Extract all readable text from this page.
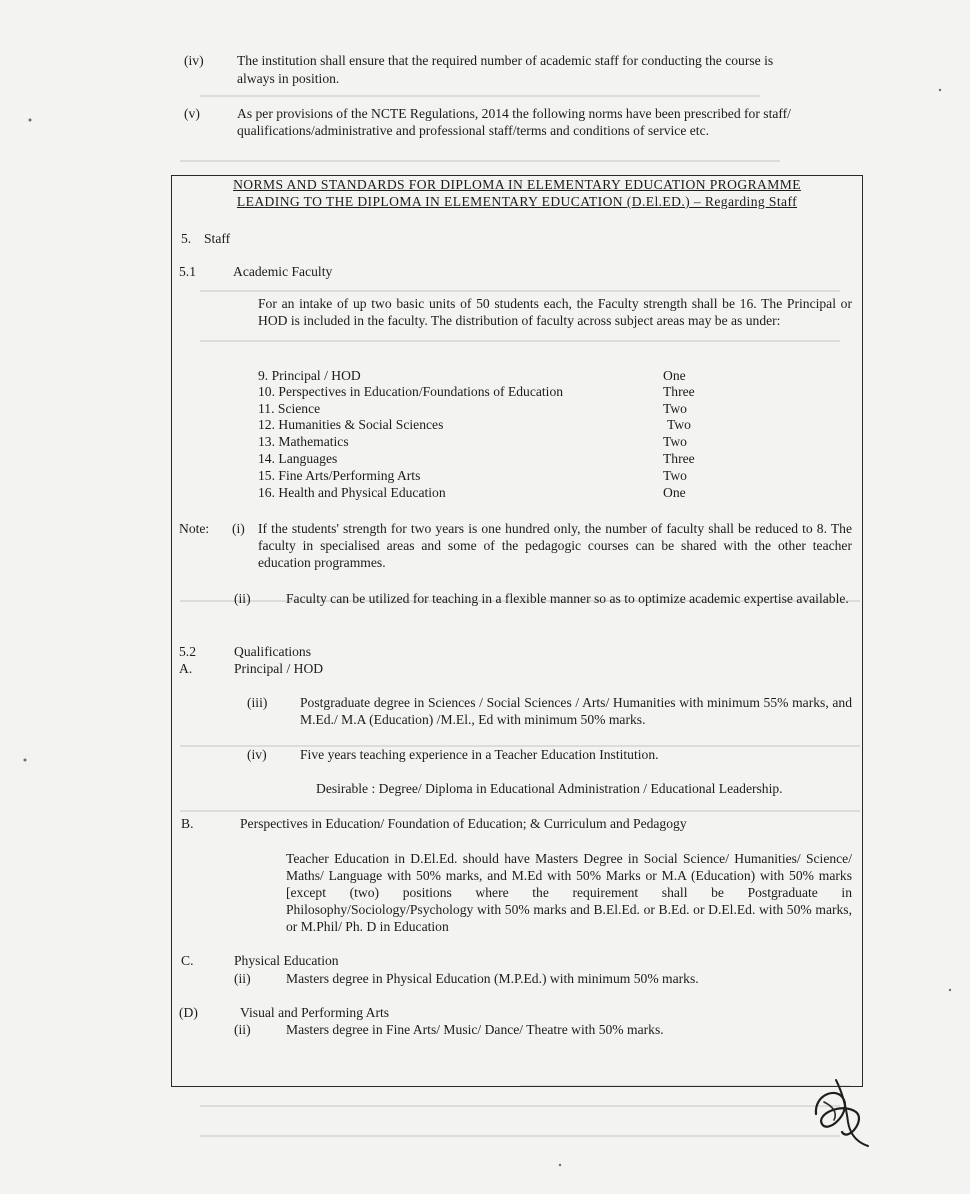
(iv) The institution shall ensure that the required number of academic staff for conducting the course is
always in position.
(v)	As per provisions of the NCTE Regulations, 2014 the following norms have been prescribed for staff/
qualifications/administrative and professional staff/terms and conditions of service etc.
NORMS AND STANDARDS FOR DIPLOMA IN ELEMENTARY EDUCATION PROGRAMME
LEADING TO THE DIPLOMA IN ELEMENTARY EDUCATION (D.El.ED.) – Regarding Staff
5. Staff
5.1	Academic Faculty
For an intake of up two basic units of 50 students each, the Faculty strength shall be 16. The Principal or HOD is included in the faculty. The distribution of faculty across subject areas may be as under:
9. Principal / HOD	One
10. Perspectives in Education/Foundations of Education	Three
11. Science	Two
12. Humanities & Social Sciences	Two
13. Mathematics	Two
14. Languages	Three
15. Fine Arts/Performing Arts	Two
16. Health and Physical Education	One
Note: (i) If the students' strength for two years is one hundred only, the number of faculty shall be reduced to 8. The faculty in specialised areas and some of the pedagogic courses can be shared with the other teacher education programmes.
(ii)	Faculty can be utilized for teaching in a flexible manner so as to optimize academic expertise available.
5.2	Qualifications
A.	Principal / HOD
(iii) Postgraduate degree in Sciences / Social Sciences / Arts/ Humanities with minimum 55% marks, and M.Ed./ M.A (Education) /M.El., Ed with minimum 50% marks.
(iv) Five years teaching experience in a Teacher Education Institution.
Desirable : Degree/ Diploma in Educational Administration / Educational Leadership.
B.	Perspectives in Education/ Foundation of Education; & Curriculum and Pedagogy
Teacher Education in D.El.Ed. should have Masters Degree in Social Science/ Humanities/ Science/ Maths/ Language with 50% marks, and M.Ed with 50% Marks or M.A (Education) with 50% marks [except (two) positions where the requirement shall be Postgraduate in Philosophy/Sociology/Psychology with 50% marks and B.El.Ed. or B.Ed. or D.El.Ed. with 50% marks, or M.Phil/ Ph. D in Education
C.	Physical Education
(ii)	Masters degree in Physical Education (M.P.Ed.) with minimum 50% marks.
(D)	Visual and Performing Arts
(ii)	Masters degree in Fine Arts/ Music/ Dance/ Theatre with 50% marks.
